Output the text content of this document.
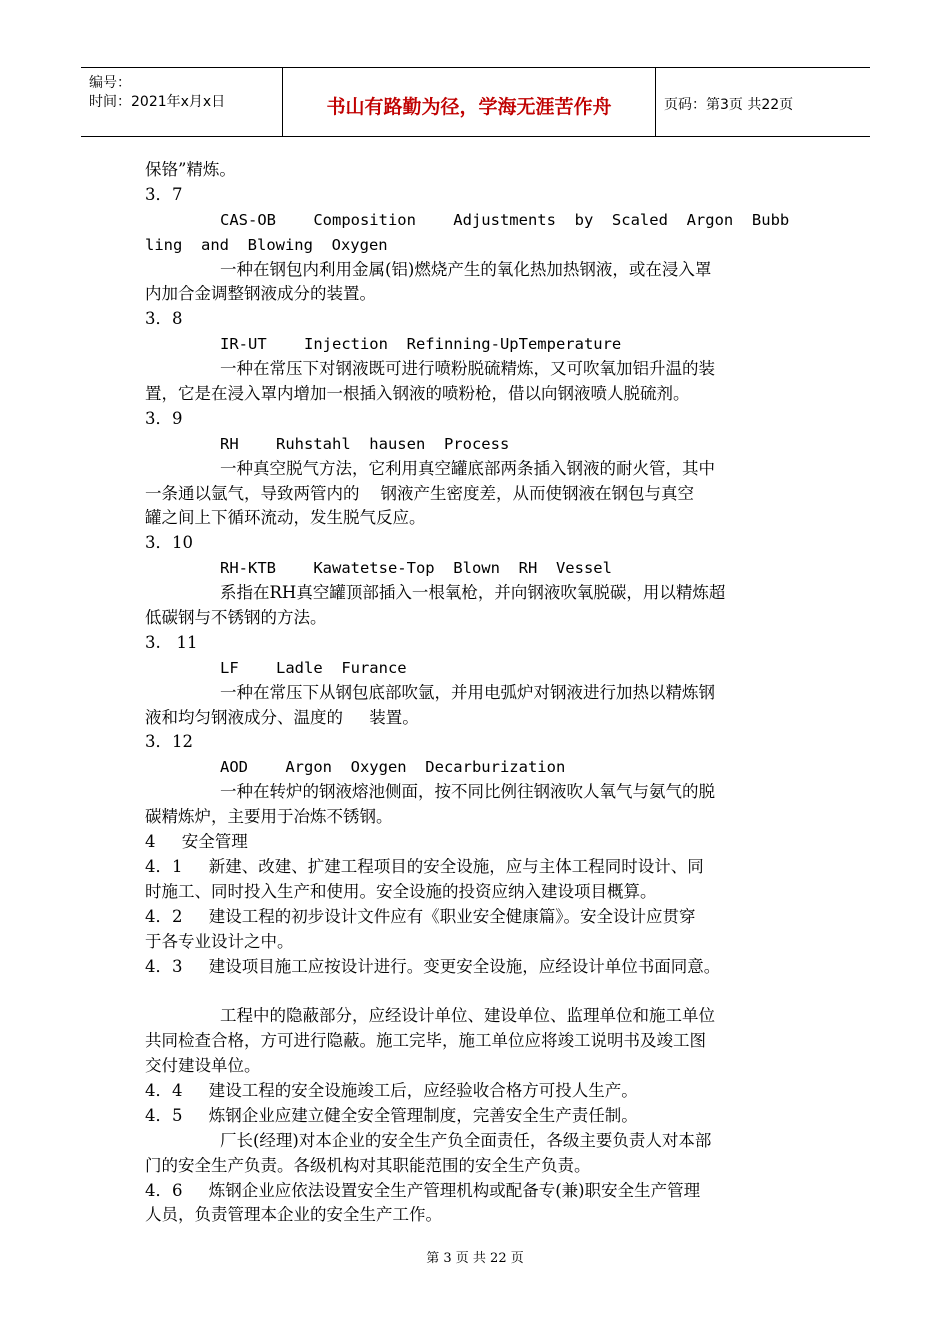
编号：
时间：2021年x月x日	书山有路勤为径，学海无涯苦作舟	页码：第3页 共22页
保铬”精炼。
3．7
CAS-OB    Composition    Adjustments  by  Scaled  Argon  Bubb
ling  and  Blowing  Oxygen
一种在钢包内利用金属(铝)燃烧产生的氧化热加热钢液，或在浸入罩
内加合金调整钢液成分的装置。
3．8
IR-UT    Injection  Refinning-UpTemperature
一种在常压下对钢液既可进行喷粉脱硫精炼，又可吹氧加铝升温的装
置，它是在浸入罩内增加一根插入钢液的喷粉枪，借以向钢液喷人脱硫剂。
3．9
RH    Ruhstahl  hausen  Process
一种真空脱气方法，它利用真空罐底部两条插入钢液的耐火管，其中
一条通以氩气，导致两管内的    钢液产生密度差，从而使钢液在钢包与真空
罐之间上下循环流动，发生脱气反应。
3．10
RH-KTB    Kawatetse-Top  Blown  RH  Vessel
系指在RH真空罐顶部插入一根氧枪，并向钢液吹氧脱碳，用以精炼超
低碳钢与不锈钢的方法。
3.   11
LF    Ladle  Furance
一种在常压下从钢包底部吹氩，并用电弧炉对钢液进行加热以精炼钢
液和均匀钢液成分、温度的     装置。
3．12
AOD    Argon  Oxygen  Decarburization
一种在转炉的钢液熔池侧面，按不同比例往钢液吹人氧气与氨气的脱
碳精炼炉，主要用于冶炼不锈钢。
4     安全管理
4．1     新建、改建、扩建工程项目的安全设施，应与主体工程同时设计、同
时施工、同时投入生产和使用。安全设施的投资应纳入建设项目概算。
4．2     建设工程的初步设计文件应有《职业安全健康篇》。安全设计应贯穿
于各专业设计之中。
4．3     建设项目施工应按设计进行。变更安全设施，应经设计单位书面同意。
工程中的隐蔽部分，应经设计单位、建设单位、监理单位和施工单位
共同检查合格，方可进行隐蔽。施工完毕，施工单位应将竣工说明书及竣工图
交付建设单位。
4．4     建设工程的安全设施竣工后，应经验收合格方可投人生产。
4．5     炼钢企业应建立健全安全管理制度，完善安全生产责任制。
厂长(经理)对本企业的安全生产负全面责任，各级主要负责人对本部
门的安全生产负责。各级机构对其职能范围的安全生产负责。
4．6     炼钢企业应依法设置安全生产管理机构或配备专(兼)职安全生产管理
人员，负责管理本企业的安全生产工作。
第 3 页 共 22 页
